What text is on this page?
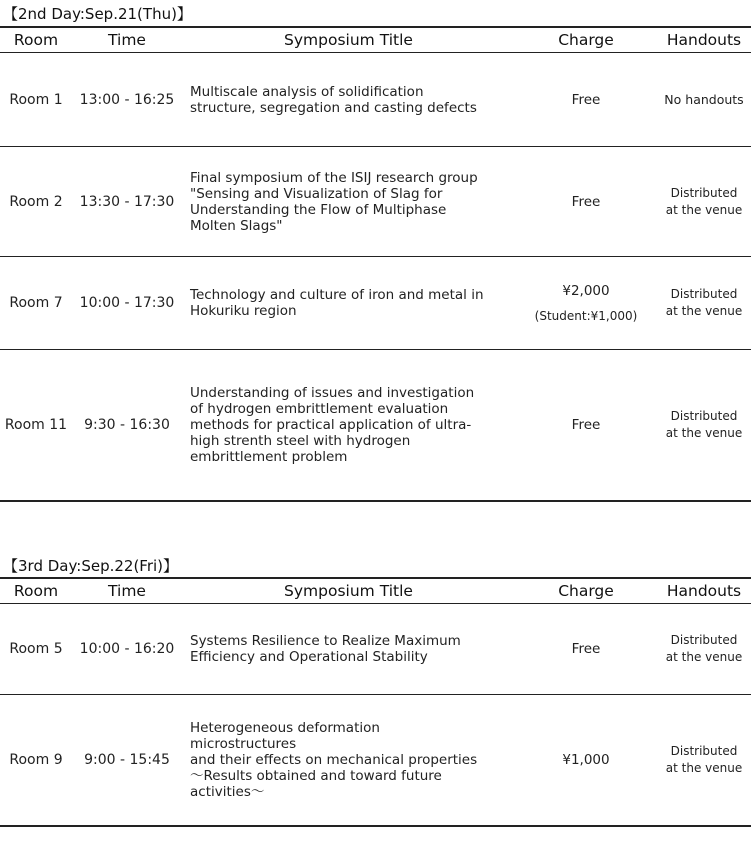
【2nd Day:Sep.21(Thu)】
Room	Time	Symposium Title	Charge	Handouts
Room 1	13:00 - 16:25	Multiscale analysis of solidification
structure, segregation and casting defects	Free	No handouts
Room 2	13:30 - 17:30	Final symposium of the ISIJ research group
"Sensing and Visualization of Slag for
Understanding the Flow of Multiphase
Molten Slags"	Free	Distributed
at the venue
Room 7	10:00 - 17:30	Technology and culture of iron and metal in
Hokuriku region	¥2,000
(Student:¥1,000)	Distributed
at the venue
Room 11	9:30 - 16:30	Understanding of issues and investigation
of hydrogen embrittlement evaluation
methods for practical application of ultra-
high strenth steel with hydrogen
embrittlement problem	Free	Distributed
at the venue
【3rd Day:Sep.22(Fri)】
Room	Time	Symposium Title	Charge	Handouts
Room 5	10:00 - 16:20	Systems Resilience to Realize Maximum
Efficiency and Operational Stability	Free	Distributed
at the venue
Room 9	9:00 - 15:45	Heterogeneous deformation
microstructures
and their effects on mechanical properties
～Results obtained and toward future
activities～	¥1,000	Distributed
at the venue
